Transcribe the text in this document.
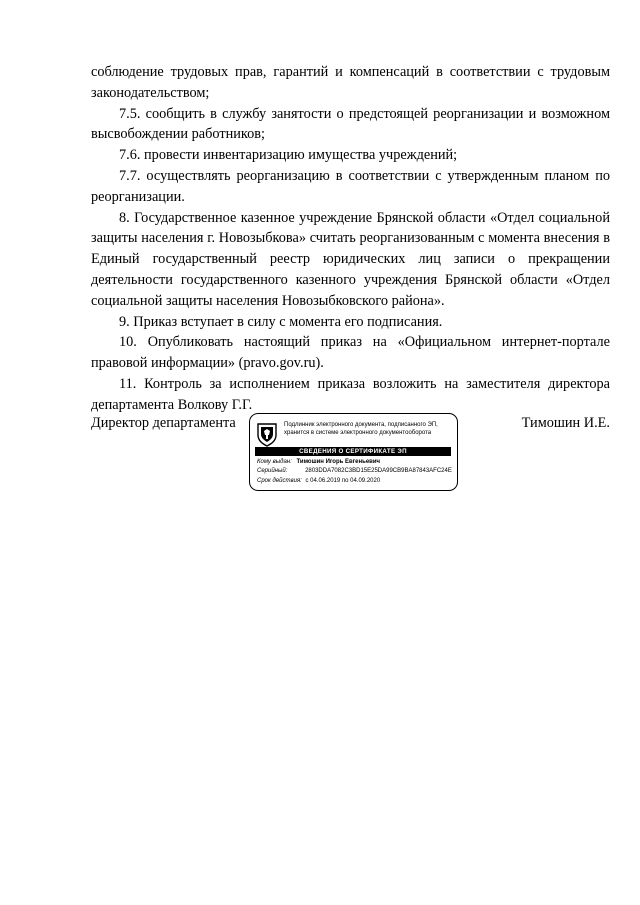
соблюдение трудовых прав, гарантий и компенсаций в соответствии с трудовым законодательством;

7.5. сообщить в службу занятости о предстоящей реорганизации и возможном высвобождении работников;

7.6. провести инвентаризацию имущества учреждений;

7.7. осуществлять реорганизацию в соответствии с утвержденным планом по реорганизации.

8. Государственное казенное учреждение Брянской области «Отдел социальной защиты населения г. Новозыбкова» считать реорганизованным с момента внесения в Единый государственный реестр юридических лиц записи о прекращении деятельности государственного казенного учреждения Брянской области «Отдел социальной защиты населения Новозыбковского района».

9. Приказ вступает в силу с момента его подписания.

10. Опубликовать настоящий приказ на «Официальном интернет-портале правовой информации» (pravo.gov.ru).

11. Контроль за исполнением приказа возложить на заместителя директора департамента Волкову Г.Г.

Директор департамента	Подлинник электронного документа, подписанного ЭП, хранится в системе электронного документооборота
СВЕДЕНИЯ О СЕРТИФИКАТЕ ЭП
Кому выдан: Тимошин Игорь Евгеньевич
Серийный:	2803DDA7082C3BD15E25DA99CB9BA87843AFC24E
Срок действия: с 04.06.2019 по 04.09.2020
Тимошин И.Е.
